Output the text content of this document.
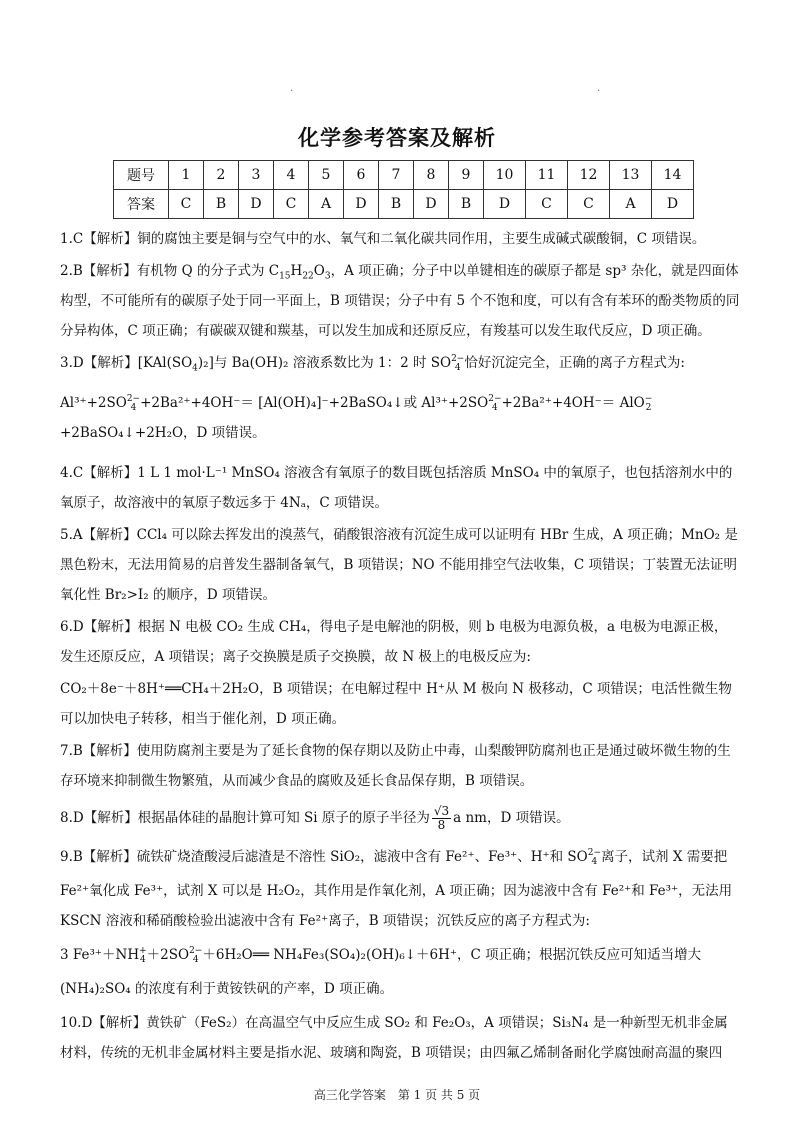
.	.
化学参考答案及解析
题号	1	2	3	4	5	6	7	8	9	10	11	12	13	14
答案	C	B	D	C	A	D	B	D	B	D	C	C	A	D

1.C【解析】铜的腐蚀主要是铜与空气中的水、氧气和二氧化碳共同作用，主要生成碱式碳酸铜，C 项错误。

2.B【解析】有机物 Q 的分子式为 $C_{15}H_{22}O_3$，A 项正确；分子中以单键相连的碳原子都是 sp³ 杂化，就是四面体构型，不可能所有的碳原子处于同一平面上，B 项错误；分子中有 5 个不饱和度，可以有含有苯环的酚类物质的同分异构体，C 项正确；有碳碳双键和羰基，可以发生加成和还原反应，有羧基可以发生取代反应，D 项正确。

3.D【解析】$[KAl(SO_4)_2]$与 Ba(OH)₂ 溶液系数比为 1：2 时 SO 2−
4 恰好沉淀完全，正确的离子方程式为:

Al³⁺+2SO 2−
4 +2Ba²⁺+4OH⁻＝ [Al(OH)₄]⁻+2BaSO₄↓或 Al³⁺+2SO 2−
4 +2Ba²⁺+4OH⁻＝ AlO −
2
+2BaSO₄↓+2H₂O，D 项错误。

4.C【解析】1 L 1 mol·L⁻¹ MnSO₄ 溶液含有氧原子的数目既包括溶质 MnSO₄ 中的氧原子，也包括溶剂水中的氧原子，故溶液中的氧原子数远多于 4Nₐ，C 项错误。

5.A【解析】CCl₄ 可以除去挥发出的溴蒸气，硝酸银溶液有沉淀生成可以证明有 HBr 生成，A 项正确；MnO₂ 是黑色粉末，无法用简易的启普发生器制备氧气，B 项错误；NO 不能用排空气法收集，C 项错误；丁装置无法证明氧化性 Br₂>I₂ 的顺序，D 项错误。

6.D【解析】根据 N 电极 CO₂ 生成 CH₄，得电子是电解池的阴极，则 b 电极为电源负极，a 电极为电源正极，发生还原反应，A 项错误；离子交换膜是质子交换膜，故 N 极上的电极反应为:

CO₂＋8e⁻＋8H⁺══CH₄＋2H₂O，B 项错误；在电解过程中 H⁺从 M 极向 N 极移动，C 项错误；电活性微生物可以加快电子转移，相当于催化剂，D 项正确。

7.B【解析】使用防腐剂主要是为了延长食物的保存期以及防止中毒，山梨酸钾防腐剂也正是通过破坏微生物的生存环境来抑制微生物繁殖，从而减少食品的腐败及延长食品保存期，B 项错误。

8.D【解析】根据晶体硅的晶胞计算可知 Si 原子的原子半径为 $\frac{√3}{8}$ a nm，D 项错误。

9.B【解析】硫铁矿烧渣酸浸后滤渣是不溶性 SiO₂，滤液中含有 Fe²⁺、Fe³⁺、H⁺和 SO 2−
4 离子，试剂 X 需要把

Fe²⁺氧化成 Fe³⁺，试剂 X 可以是 H₂O₂，其作用是作氧化剂，A 项正确；因为滤液中含有 Fe²⁺和 Fe³⁺，无法用 KSCN 溶液和稀硝酸检验出滤液中含有 Fe²⁺离子，B 项错误；沉铁反应的离子方程式为:

3 Fe³⁺＋NH +
4 ＋2SO 2−
4 ＋6H₂O══ NH₄Fe₃(SO₄)₂(OH)₆↓＋6H⁺，C 项正确；根据沉铁反应可知适当增大(NH₄)₂SO₄ 的浓度有利于黄铵铁矾的产率，D 项正确。

10.D【解析】黄铁矿（FeS₂）在高温空气中反应生成 SO₂ 和 Fe₂O₃，A 项错误；Si₃N₄ 是一种新型无机非金属材料，传统的无机非金属材料主要是指水泥、玻璃和陶瓷，B 项错误；由四氟乙烯制备耐化学腐蚀耐高温的聚四

高三化学答案　第 1 页 共 5 页
